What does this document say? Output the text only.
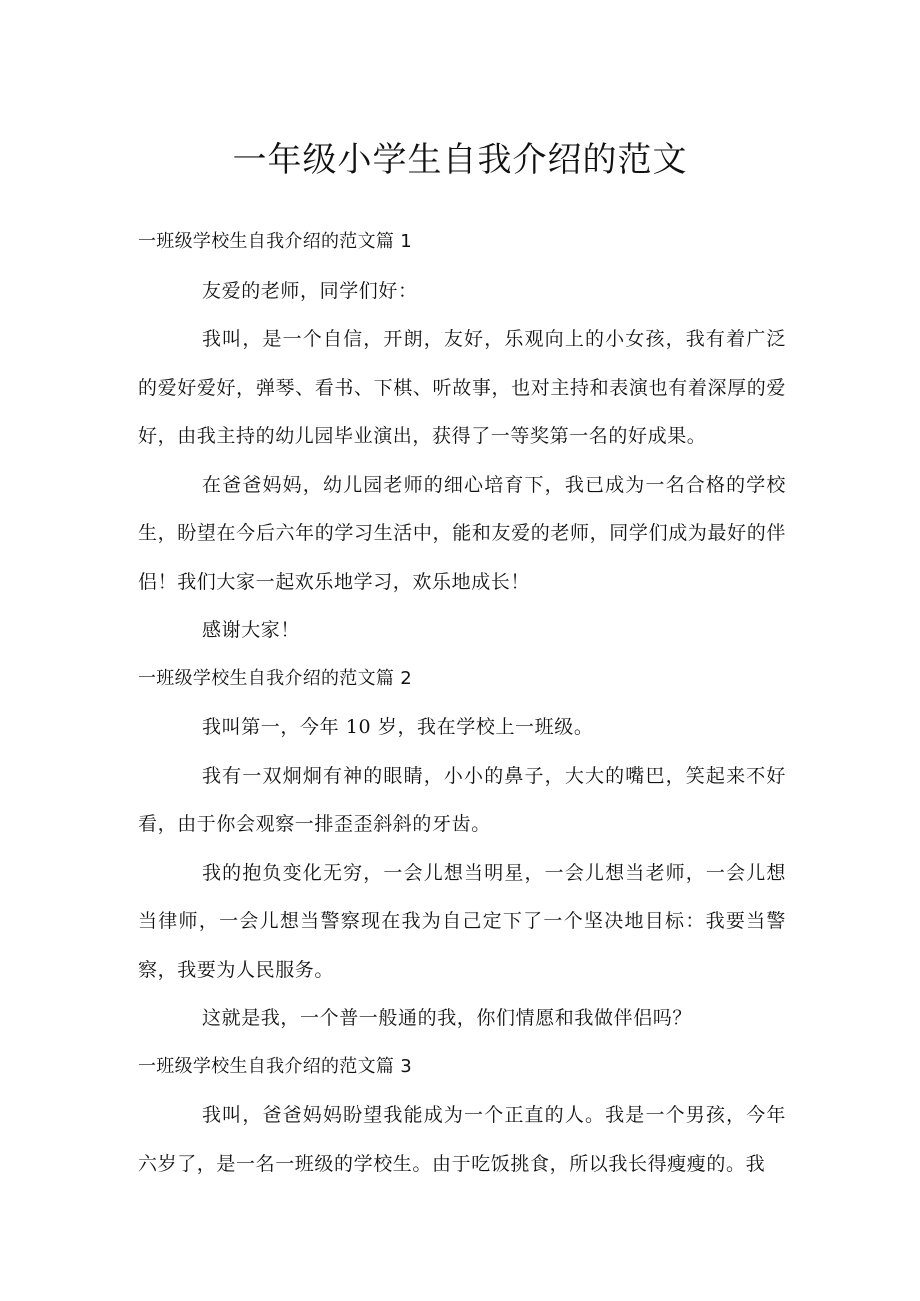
一年级小学生自我介绍的范文

一班级学校生自我介绍的范文篇 1

友爱的老师，同学们好：

我叫，是一个自信，开朗，友好，乐观向上的小女孩，我有着广泛的爱好爱好，弹琴、看书、下棋、听故事，也对主持和表演也有着深厚的爱好，由我主持的幼儿园毕业演出，获得了一等奖第一名的好成果。

在爸爸妈妈，幼儿园老师的细心培育下，我已成为一名合格的学校生，盼望在今后六年的学习生活中，能和友爱的老师，同学们成为最好的伴侣！我们大家一起欢乐地学习，欢乐地成长！

感谢大家！

一班级学校生自我介绍的范文篇 2

我叫第一，今年 10 岁，我在学校上一班级。

我有一双炯炯有神的眼睛，小小的鼻子，大大的嘴巴，笑起来不好看，由于你会观察一排歪歪斜斜的牙齿。

我的抱负变化无穷，一会儿想当明星，一会儿想当老师，一会儿想当律师，一会儿想当警察现在我为自己定下了一个坚决地目标：我要当警察，我要为人民服务。

这就是我，一个普一般通的我，你们情愿和我做伴侣吗？

一班级学校生自我介绍的范文篇 3

我叫，爸爸妈妈盼望我能成为一个正直的人。我是一个男孩，今年六岁了，是一名一班级的学校生。由于吃饭挑食，所以我长得瘦瘦的。我
